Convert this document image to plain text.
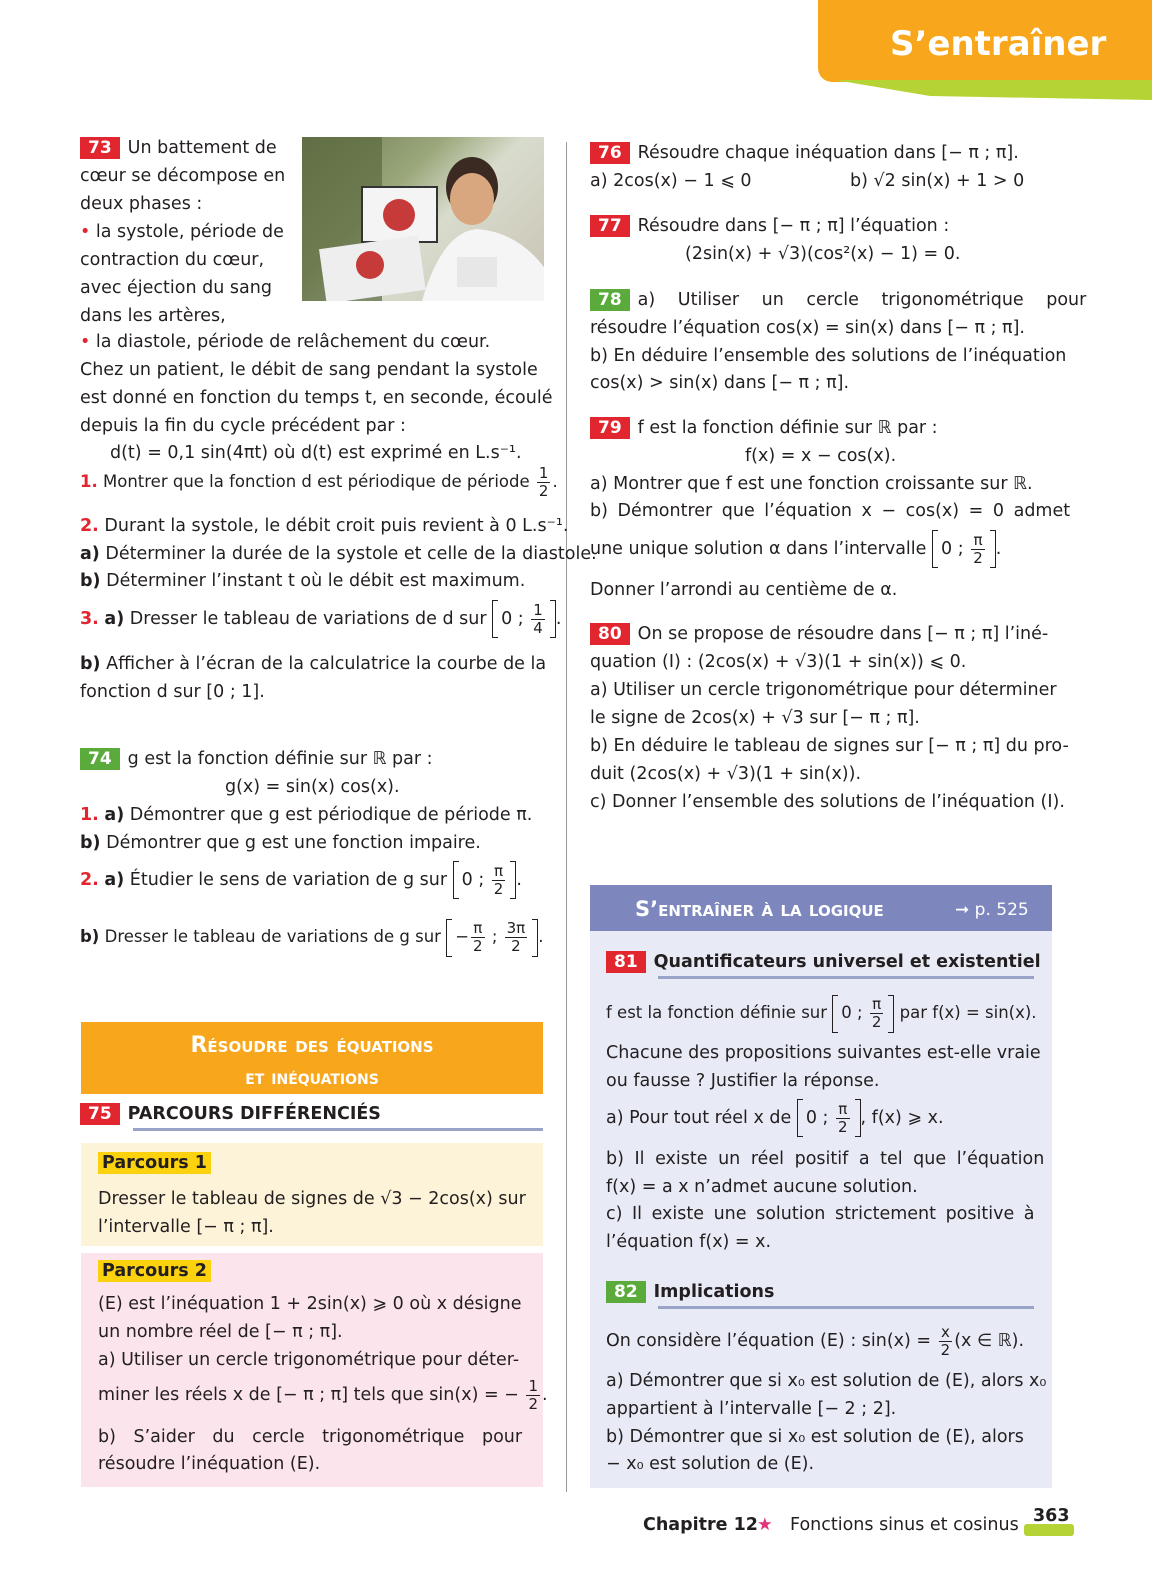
S’entraîner
73 Un battement de
cœur se décompose en
deux phases :
• la systole, période de
contraction du cœur,
avec éjection du sang
dans les artères,
• la diastole, période de relâchement du cœur.
Chez un patient, le débit de sang pendant la systole
est donné en fonction du temps t, en seconde, écoulé
depuis la fin du cycle précédent par :
d(t) = 0,1 sin(4πt) où d(t) est exprimé en L.s⁻¹.
1. Montrer que la fonction d est périodique de période $\frac{1}{2}$ .
2. Durant la systole, le débit croit puis revient à 0 L.s⁻¹.
a) Déterminer la durée de la systole et celle de la diastole.
b) Déterminer l’instant t où le débit est maximum.
3. a) Dresser le tableau de variations de d sur 0 ; $\frac{1}{4}$ .
b) Afficher à l’écran de la calculatrice la courbe de la
fonction d sur [0 ; 1].
74 g est la fonction définie sur ℝ par :
g(x) = sin(x) cos(x).
1. a) Démontrer que g est périodique de période π.
b) Démontrer que g est une fonction impaire.
2. a) Étudier le sens de variation de g sur 0 ; $\frac{\pi}{2}$ .
b) Dresser le tableau de variations de g sur − $\frac{\pi}{2}$ ; $\frac{3\pi}{2}$ .
Résoudre des équations
et inéquations
75 PARCOURS DIFFÉRENCIÉS
Parcours 1
Dresser le tableau de signes de √3 − 2cos(x) sur
l’intervalle [− π ; π].
Parcours 2
(E) est l’inéquation 1 + 2sin(x) ⩾ 0 où x désigne
un nombre réel de [− π ; π].
a) Utiliser un cercle trigonométrique pour déter-
miner les réels x de [− π ; π] tels que sin(x) = − $\frac{1}{2}$ .
b) S’aider du cercle trigonométrique pour
résoudre l’inéquation (E).
76 Résoudre chaque inéquation dans [− π ; π].
a) 2cos(x) − 1 ⩽ 0	b) √2 sin(x) + 1 > 0
77 Résoudre dans [− π ; π] l’équation :
(2sin(x) + √3)(cos²(x) − 1) = 0.
78 a) Utiliser un cercle trigonométrique pour
résoudre l’équation cos(x) = sin(x) dans [− π ; π].
b) En déduire l’ensemble des solutions de l’inéquation
cos(x) > sin(x) dans [− π ; π].
79 f est la fonction définie sur ℝ par :
f(x) = x − cos(x).
a) Montrer que f est une fonction croissante sur ℝ.
b) Démontrer que l’équation x − cos(x) = 0 admet
une unique solution α dans l’intervalle 0 ; $\frac{\pi}{2}$ .
Donner l’arrondi au centième de α.
80 On se propose de résoudre dans [− π ; π] l’iné-
quation (I) : (2cos(x) + √3)(1 + sin(x)) ⩽ 0.
a) Utiliser un cercle trigonométrique pour déterminer
le signe de 2cos(x) + √3 sur [− π ; π].
b) En déduire le tableau de signes sur [− π ; π] du pro-
duit (2cos(x) + √3)(1 + sin(x)).
c) Donner l’ensemble des solutions de l’inéquation (I).
S’entraîner à la logique	➞ p. 525
81 Quantificateurs universel et existentiel
f est la fonction définie sur 0 ; $\frac{\pi}{2}$ par f(x) = sin(x).
Chacune des propositions suivantes est-elle vraie
ou fausse ? Justifier la réponse.
a) Pour tout réel x de 0 ; $\frac{\pi}{2}$ , f(x) ⩾ x.
b) Il existe un réel positif a tel que l’équation
f(x) = a x n’admet aucune solution.
c) Il existe une solution strictement positive à
l’équation f(x) = x.
82 Implications
On considère l’équation (E) : $\sin(x) = \frac{x}{2} (x$ ∈ ℝ).
a) Démontrer que si x₀ est solution de (E), alors x₀
appartient à l’intervalle [− 2 ; 2].
b) Démontrer que si x₀ est solution de (E), alors
− x₀ est solution de (E).
Chapitre 12 ★ Fonctions sinus et cosinus 363
